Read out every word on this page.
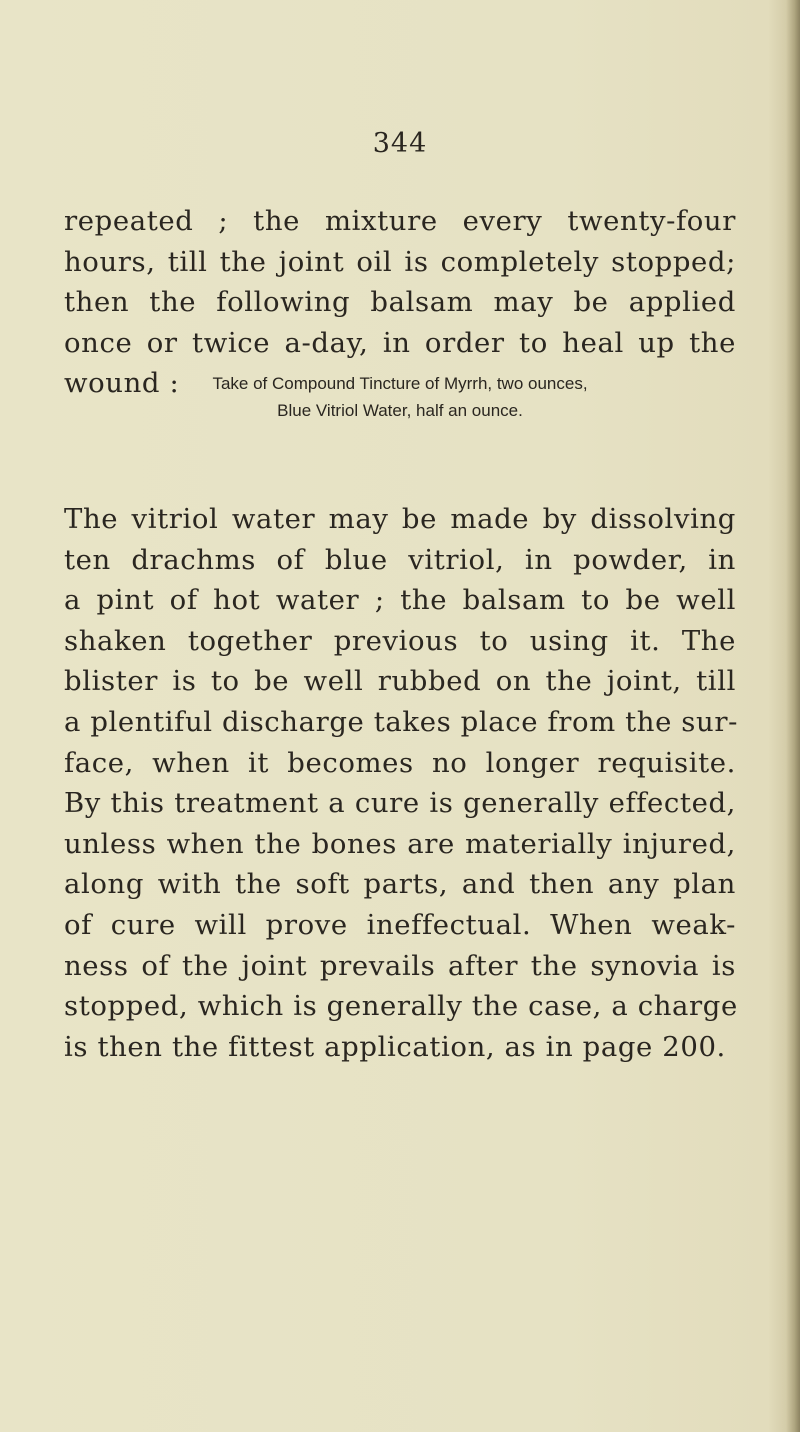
344

repeated ; the mixture every twenty-four
hours, till the joint oil is completely stopped;
then the following balsam may be applied
once or twice a-day, in order to heal up the
wound :	Take of Compound Tincture of Myrrh, two ounces,
Blue Vitriol Water, half an ounce.

The vitriol water may be made by dissolving
ten drachms of blue vitriol, in powder, in
a pint of hot water ; the balsam to be well
shaken together previous to using it. The
blister is to be well rubbed on the joint, till
a plentiful discharge takes place from the sur-
face, when it becomes no longer requisite.
By this treatment a cure is generally effected,
unless when the bones are materially injured,
along with the soft parts, and then any plan
of cure will prove ineffectual. When weak-
ness of the joint prevails after the synovia is
stopped, which is generally the case, a charge
is then the fittest application, as in page 200.
